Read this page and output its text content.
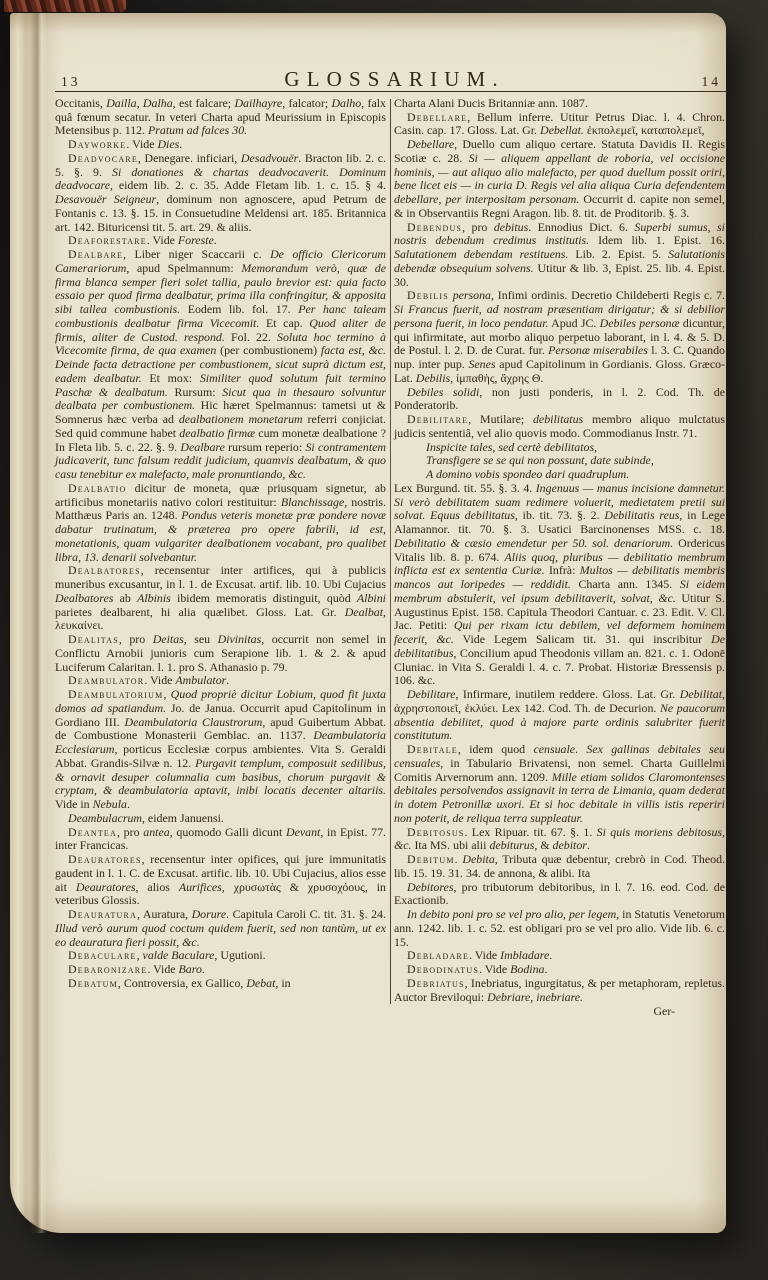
13	GLOSSARIUM.	14

Occitanis, Dailla, Dalha, est falcare; Dailhayre, falcator; Dalho, falx quâ fœnum secatur. In veteri Charta apud Meurissium in Episcopis Metensibus p. 112. Pratum ad falces 30.

Dayworke. Vide Dies.

Deadvocare, Denegare. inficiari, Desadvouër. Bracton lib. 2. c. 5. §. 9. Si donationes & chartas deadvocaverit. Dominum deadvocare, eidem lib. 2. c. 35. Adde Fletam lib. 1. c. 15. § 4. Desavouër Seigneur, dominum non agnoscere, apud Petrum de Fontanis c. 13. §. 15. in Consuetudine Meldensi art. 185. Britannica art. 142. Bituricensi tit. 5. art. 29. & aliis.

Deaforestare. Vide Foreste.

Dealbare, Liber niger Scaccarii c. De officio Clericorum Camerariorum, apud Spelmannum: Memorandum verò, quæ de firma blanca semper fieri solet tallia, paulo brevior est: quia facto essaio per quod firma dealbatur, prima illa confringitur, & apposita sibi tallea combustionis. Eodem lib. fol. 17. Per hanc taleam combustionis dealbatur firma Vicecomit. Et cap. Quod aliter de firmis, aliter de Custod. respond. Fol. 22. Soluta hoc termino à Vicecomite firma, de qua examen (per combustionem) facta est, &c. Deinde facta detractione per combustionem, sicut suprà dictum est, eadem dealbatur. Et mox: Similiter quod solutum fuit termino Paschæ & dealbatum. Rursum: Sicut qua in thesauro solvuntur dealbata per combustionem. Hic hæret Spelmannus: tametsi ut & Somnerus hæc verba ad dealbationem monetarum referri conjiciat. Sed quid commune habet dealbatio firmæ cum monetæ dealbatione ? In Fleta lib. 5. c. 22. §. 9. Dealbare rursum reperio: Si contramentem judicaverit, tunc falsum reddit judicium, quamvis dealbatum, & quo casu tenebitur ex malefacto, male pronuntiando, &c.

Dealbatio dicitur de moneta, quæ priusquam signetur, ab artificibus monetariis nativo colori restituitur: Blanchissage, nostris. Matthæus Paris an. 1248. Pondus veteris monetæ præ pondere novæ dabatur trutinatum, & præterea pro opere fabrili, id est, monetationis, quam vulgariter dealbationem vocabant, pro qualibet libra, 13. denarii solvebantur.

Dealbatores, recensentur inter artifices, qui à publicis muneribus excusantur, in l. 1. de Excusat. artif. lib. 10. Ubi Cujacius Dealbatores ab Albinis ibidem memoratis distinguit, quòd Albini parietes dealbarent, hi alia quælibet. Gloss. Lat. Gr. Dealbat, λευκαίνει.

Dealitas, pro Deitas, seu Divinitas, occurrit non semel in Conflictu Arnobii junioris cum Serapione lib. 1. & 2. & apud Luciferum Calaritan. l. 1. pro S. Athanasio p. 79.

Deambulator. Vide Ambulator.

Deambulatorium, Quod propriè dicitur Lobium, quod fit juxta domos ad spatiandum. Jo. de Janua. Occurrit apud Capitolinum in Gordiano III. Deambulatoria Claustrorum, apud Guibertum Abbat. de Combustione Monasterii Gemblac. an. 1137. Deambulatoria Ecclesiarum, porticus Ecclesiæ corpus ambientes. Vita S. Geraldi Abbat. Grandis-Silvæ n. 12. Purgavit templum, composuit sedilibus, & ornavit desuper columnalia cum basibus, chorum purgavit & cryptam, & deambulatoria aptavit, inibi locatis decenter altariis. Vide in Nebula.

Deambulacrum, eidem Januensi.

Deantea, pro antea, quomodo Galli dicunt Devant, in Epist. 77. inter Francicas.

Deauratores, recensentur inter opifices, qui jure immunitatis gaudent in l. 1. C. de Excusat. artific. lib. 10. Ubi Cujacius, alios esse ait Deauratores, alios Aurifices, χρυσωτὰς & χρυσοχόους, in veteribus Glossis.

Deauratura, Auratura, Dorure. Capitula Caroli C. tit. 31. §. 24. Illud verò aurum quod coctum quidem fuerit, sed non tantùm, ut ex eo deauratura fieri possit, &c.

Debaculare, valde Baculare, Ugutioni.

Debaronizare. Vide Baro.

Debatum, Controversia, ex Gallico, Debat, in

Charta Alani Ducis Britanniæ ann. 1087.

Debellare, Bellum inferre. Utitur Petrus Diac. l. 4. Chron. Casin. cap. 17. Gloss. Lat. Gr. Debellat. ἐκπολεμεῖ, καταπολεμεῖ,

Debellare, Duello cum aliquo certare. Statuta Davidis II. Regis Scotiæ c. 28. Si — aliquem appellant de roboria, vel occisione hominis, — aut aliquo alio malefacto, per quod duellum possit oriri, bene licet eis — in curia D. Regis vel alia aliqua Curia defendentem debellare, per interpositam personam. Occurrit d. capite non semel, & in Observantiis Regni Aragon. lib. 8. tit. de Proditorib. §. 3.

Debendus, pro debitus. Ennodius Dict. 6. Superbi sumus, si nostris debendum credimus institutis. Idem lib. 1. Epist. 16. Salutationem debendam restituens. Lib. 2. Epist. 5. Salutationis debendæ obsequium solvens. Utitur & lib. 3, Epist. 25. lib. 4. Epist. 30.

Debilis persona, Infimi ordinis. Decretio Childeberti Regis c. 7. Si Francus fuerit, ad nostram præsentiam dirigatur; & si debilior persona fuerit, in loco pendatur. Apud JC. Debiles personæ dicuntur, qui infirmitate, aut morbo aliquo perpetuo laborant, in l. 4. & 5. D. de Postul. l. 2. D. de Curat. fur. Personæ miserabiles l. 3. C. Quando nup. inter pup. Senes apud Capitolinum in Gordianis. Gloss. Græco-Lat. Debilis, ἰμπαθὴς, ἄχρης Θ.

Debiles solidi, non justi ponderis, in l. 2. Cod. Th. de Ponderatorib.

Debilitare, Mutilare; debilitatus membro aliquo mulctatus judicis sententiâ, vel alio quovis modo. Commodianus Instr. 71.

Inspicite tales, sed certè debilitatos,
Transfigere se se qui non possunt, date subinde,
A domino vobis spondeo dari quadruplum.

Lex Burgund. tit. 55. §. 3. 4. Ingenuus — manus incisione damnetur. Si verò debilitatem suam redimere voluerit, medietatem pretii sui solvat. Equus debilitatus, ib. tit. 73. §. 2. Debilitatis reus, in Lege Alamannor. tit. 70. §. 3. Usatici Barcinonenses MSS. c. 18. Debilitatio & cæsio emendetur per 50. sol. denariorum. Ordericus Vitalis lib. 8. p. 674. Aliis quoq, pluribus — debilitatio membrum inflicta est ex sententia Curiæ. Infrà: Multos — debilitatis membris mancos aut loripedes — reddidit. Charta ann. 1345. Si eidem membrum abstulerit, vel ipsum debilitaverit, solvat, &c. Utitur S. Augustinus Epist. 158. Capitula Theodori Cantuar. c. 23. Edit. V. Cl. Jac. Petiti: Qui per rixam ictu debilem, vel deformem hominem fecerit, &c. Vide Legem Salicam tit. 31. qui inscribitur De debilitatibus, Concilium apud Theodonis villam an. 821. c. 1. Odonē Cluniac. in Vita S. Geraldi l. 4. c. 7. Probat. Historiæ Bressensis p. 106. &c.

Debilitare, Infirmare, inutilem reddere. Gloss. Lat. Gr. Debilitat, ἀχρηστοποιεῖ, ἐκλύει. Lex 142. Cod. Th. de Decurion. Ne paucorum absentia debilitet, quod à majore parte ordinis salubriter fuerit constitutum.

Debitale, idem quod censuale. Sex gallinas debitales seu censuales, in Tabulario Brivatensi, non semel. Charta Guillelmi Comitis Arvernorum ann. 1209. Mille etiam solidos Claromontenses debitales persolvendos assignavit in terra de Limania, quam dederat in dotem Petronillæ uxori. Et si hoc debitale in villis istis reperiri non poterit, de reliqua terra suppleatur.

Debitosus. Lex Ripuar. tit. 67. §. 1. Si quis moriens debitosus, &c. Ita MS. ubi alii debiturus, & debitor.

Debitum. Debita, Tributa quæ debentur, crebrò in Cod. Theod. lib. 15. 19. 31. 34. de annona, & alibi. Ita

Debitores, pro tributorum debitoribus, in l. 7. 16. eod. Cod. de Exactionib.

In debito poni pro se vel pro alio, per legem, in Statutis Venetorum ann. 1242. lib. 1. c. 52. est obligari pro se vel pro alio. Vide lib. 6. c. 15.

Debladare. Vide Imbladare.

Debodinatus. Vide Bodina.

Debriatus, Inebriatus, ingurgitatus, & per metaphoram, repletus. Auctor Breviloqui: Debriare, inebriare.

Ger-
